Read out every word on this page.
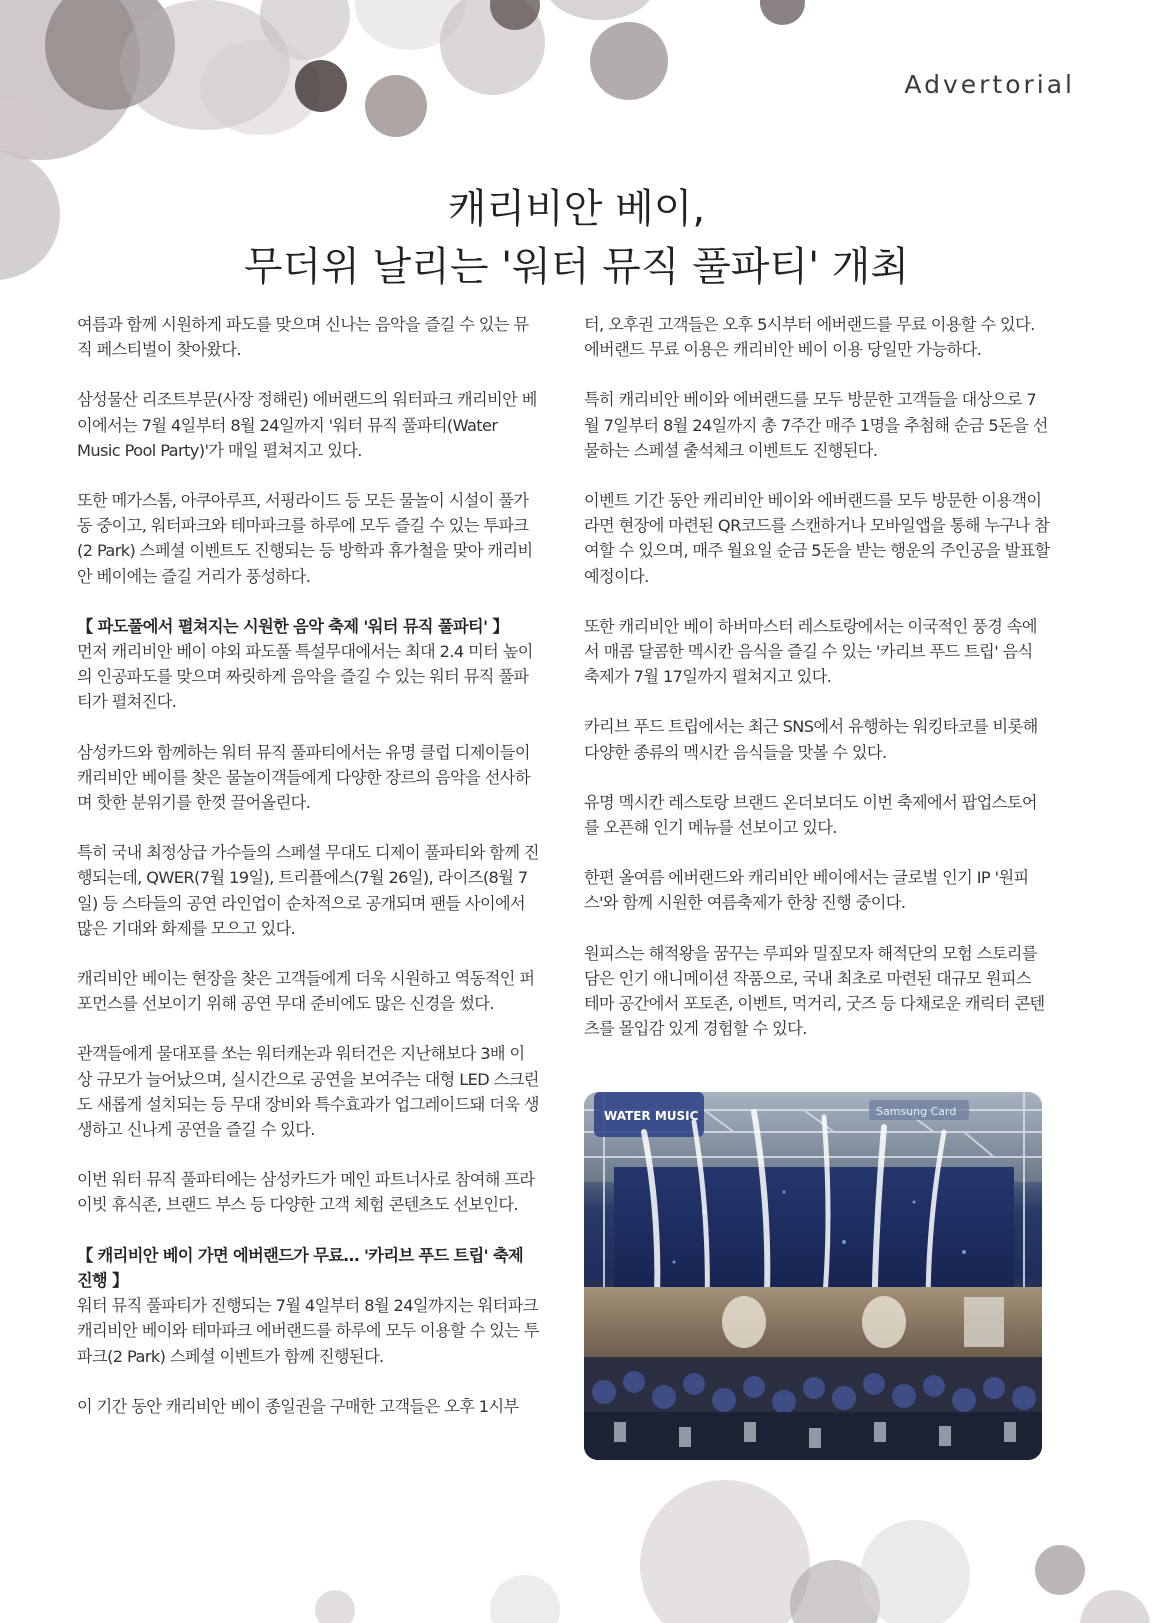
Advertorial
캐리비안 베이,
무더위 날리는 '워터 뮤직 풀파티' 개최

여름과 함께 시원하게 파도를 맞으며 신나는 음악을 즐길 수 있는 뮤직 페스티벌이 찾아왔다.

삼성물산 리조트부문(사장 정해린) 에버랜드의 워터파크 캐리비안 베이에서는 7월 4일부터 8월 24일까지 '워터 뮤직 풀파티(Water Music Pool Party)'가 매일 펼쳐지고 있다.

또한 메가스톰, 아쿠아루프, 서핑라이드 등 모든 물놀이 시설이 풀가동 중이고, 워터파크와 테마파크를 하루에 모두 즐길 수 있는 투파크(2 Park) 스페셜 이벤트도 진행되는 등 방학과 휴가철을 맞아 캐리비안 베이에는 즐길 거리가 풍성하다.

【 파도풀에서 펼쳐지는 시원한 음악 축제 '워터 뮤직 풀파티' 】

먼저 캐리비안 베이 야외 파도풀 특설무대에서는 최대 2.4 미터 높이의 인공파도를 맞으며 짜릿하게 음악을 즐길 수 있는 워터 뮤직 풀파티가 펼쳐진다.

삼성카드와 함께하는 워터 뮤직 풀파티에서는 유명 클럽 디제이들이 캐리비안 베이를 찾은 물놀이객들에게 다양한 장르의 음악을 선사하며 핫한 분위기를 한껏 끌어올린다.

특히 국내 최정상급 가수들의 스페셜 무대도 디제이 풀파티와 함께 진행되는데, QWER(7월 19일), 트리플에스(7월 26일), 라이즈(8월 7일) 등 스타들의 공연 라인업이 순차적으로 공개되며 팬들 사이에서 많은 기대와 화제를 모으고 있다.

캐리비안 베이는 현장을 찾은 고객들에게 더욱 시원하고 역동적인 퍼포먼스를 선보이기 위해 공연 무대 준비에도 많은 신경을 썼다.

관객들에게 물대포를 쏘는 워터캐논과 워터건은 지난해보다 3배 이상 규모가 늘어났으며, 실시간으로 공연을 보여주는 대형 LED 스크린도 새롭게 설치되는 등 무대 장비와 특수효과가 업그레이드돼 더욱 생생하고 신나게 공연을 즐길 수 있다.

이번 워터 뮤직 풀파티에는 삼성카드가 메인 파트너사로 참여해 프라이빗 휴식존, 브랜드 부스 등 다양한 고객 체험 콘텐츠도 선보인다.

【 캐리비안 베이 가면 에버랜드가 무료… '카리브 푸드 트립' 축제 진행 】

워터 뮤직 풀파티가 진행되는 7월 4일부터 8월 24일까지는 워터파크 캐리비안 베이와 테마파크 에버랜드를 하루에 모두 이용할 수 있는 투파크(2 Park) 스페셜 이벤트가 함께 진행된다.

이 기간 동안 캐리비안 베이 종일권을 구매한 고객들은 오후 1시부

터, 오후권 고객들은 오후 5시부터 에버랜드를 무료 이용할 수 있다. 에버랜드 무료 이용은 캐리비안 베이 이용 당일만 가능하다.

특히 캐리비안 베이와 에버랜드를 모두 방문한 고객들을 대상으로 7월 7일부터 8월 24일까지 총 7주간 매주 1명을 추첨해 순금 5돈을 선물하는 스페셜 출석체크 이벤트도 진행된다.

이벤트 기간 동안 캐리비안 베이와 에버랜드를 모두 방문한 이용객이라면 현장에 마련된 QR코드를 스캔하거나 모바일앱을 통해 누구나 참여할 수 있으며, 매주 월요일 순금 5돈을 받는 행운의 주인공을 발표할 예정이다.

또한 캐리비안 베이 하버마스터 레스토랑에서는 이국적인 풍경 속에서 매콤 달콤한 멕시칸 음식을 즐길 수 있는 '카리브 푸드 트립' 음식 축제가 7월 17일까지 펼쳐지고 있다.

카리브 푸드 트립에서는 최근 SNS에서 유행하는 워킹타코를 비롯해 다양한 종류의 멕시칸 음식들을 맛볼 수 있다.

유명 멕시칸 레스토랑 브랜드 온더보더도 이번 축제에서 팝업스토어를 오픈해 인기 메뉴를 선보이고 있다.

한편 올여름 에버랜드와 캐리비안 베이에서는 글로벌 인기 IP '원피스'와 함께 시원한 여름축제가 한창 진행 중이다.

원피스는 해적왕을 꿈꾸는 루피와 밀짚모자 해적단의 모험 스토리를 담은 인기 애니메이션 작품으로, 국내 최초로 마련된 대규모 원피스 테마 공간에서 포토존, 이벤트, 먹거리, 굿즈 등 다채로운 캐릭터 콘텐츠를 몰입감 있게 경험할 수 있다.

WATER MUSIC	Samsung Card
